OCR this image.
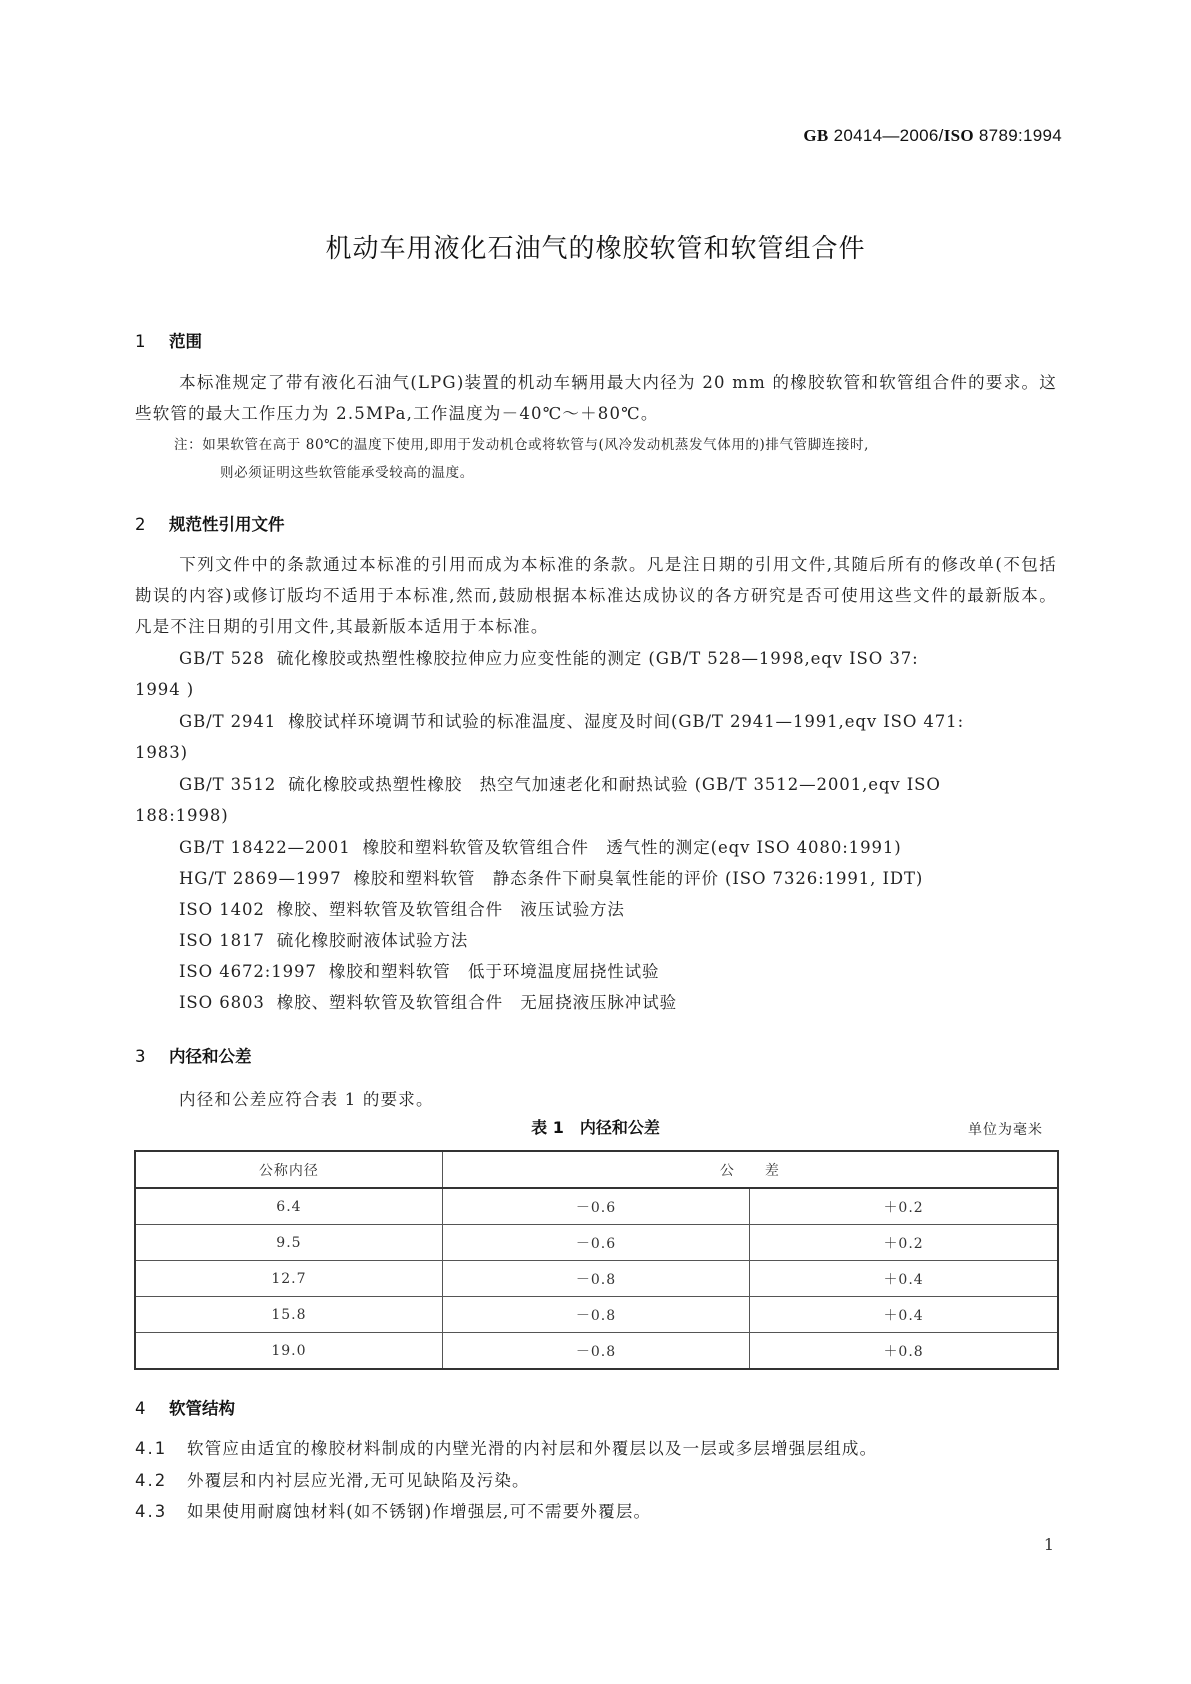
GB 20414—2006/ISO 8789:1994
机动车用液化石油气的橡胶软管和软管组合件
1 范围
本标准规定了带有液化石油气(LPG)装置的机动车辆用最大内径为 20 mm 的橡胶软管和软管组合件的要求。这些软管的最大工作压力为 2.5MPa,工作温度为－40℃～＋80℃。
注：如果软管在高于 80℃的温度下使用,即用于发动机仓或将软管与(风冷发动机蒸发气体用的)排气管脚连接时,
则必须证明这些软管能承受较高的温度。
2 规范性引用文件
下列文件中的条款通过本标准的引用而成为本标准的条款。凡是注日期的引用文件,其随后所有的修改单(不包括勘误的内容)或修订版均不适用于本标准,然而,鼓励根据本标准达成协议的各方研究是否可使用这些文件的最新版本。凡是不注日期的引用文件,其最新版本适用于本标准。
GB/T 528 硫化橡胶或热塑性橡胶拉伸应力应变性能的测定 (GB/T 528—1998,eqv ISO 37:
1994 )
GB/T 2941 橡胶试样环境调节和试验的标准温度、湿度及时间(GB/T 2941—1991,eqv ISO 471:
1983)
GB/T 3512 硫化橡胶或热塑性橡胶　热空气加速老化和耐热试验 (GB/T 3512—2001,eqv ISO
188:1998)
GB/T 18422—2001 橡胶和塑料软管及软管组合件　透气性的测定(eqv ISO 4080:1991)
HG/T 2869—1997 橡胶和塑料软管　静态条件下耐臭氧性能的评价 (ISO 7326:1991, IDT)
ISO 1402 橡胶、塑料软管及软管组合件　液压试验方法
ISO 1817 硫化橡胶耐液体试验方法
ISO 4672:1997 橡胶和塑料软管　低于环境温度屈挠性试验
ISO 6803 橡胶、塑料软管及软管组合件　无屈挠液压脉冲试验
3 内径和公差
内径和公差应符合表 1 的要求。
表 1　内径和公差	单位为毫米
公称内径	公　　差	
6.4	－0.6	＋0.2
9.5	－0.6	＋0.2
12.7	－0.8	＋0.4
15.8	－0.8	＋0.4
19.0	－0.8	＋0.8
4 软管结构
4.1 软管应由适宜的橡胶材料制成的内壁光滑的内衬层和外覆层以及一层或多层增强层组成。
4.2 外覆层和内衬层应光滑,无可见缺陷及污染。
4.3 如果使用耐腐蚀材料(如不锈钢)作增强层,可不需要外覆层。
1
